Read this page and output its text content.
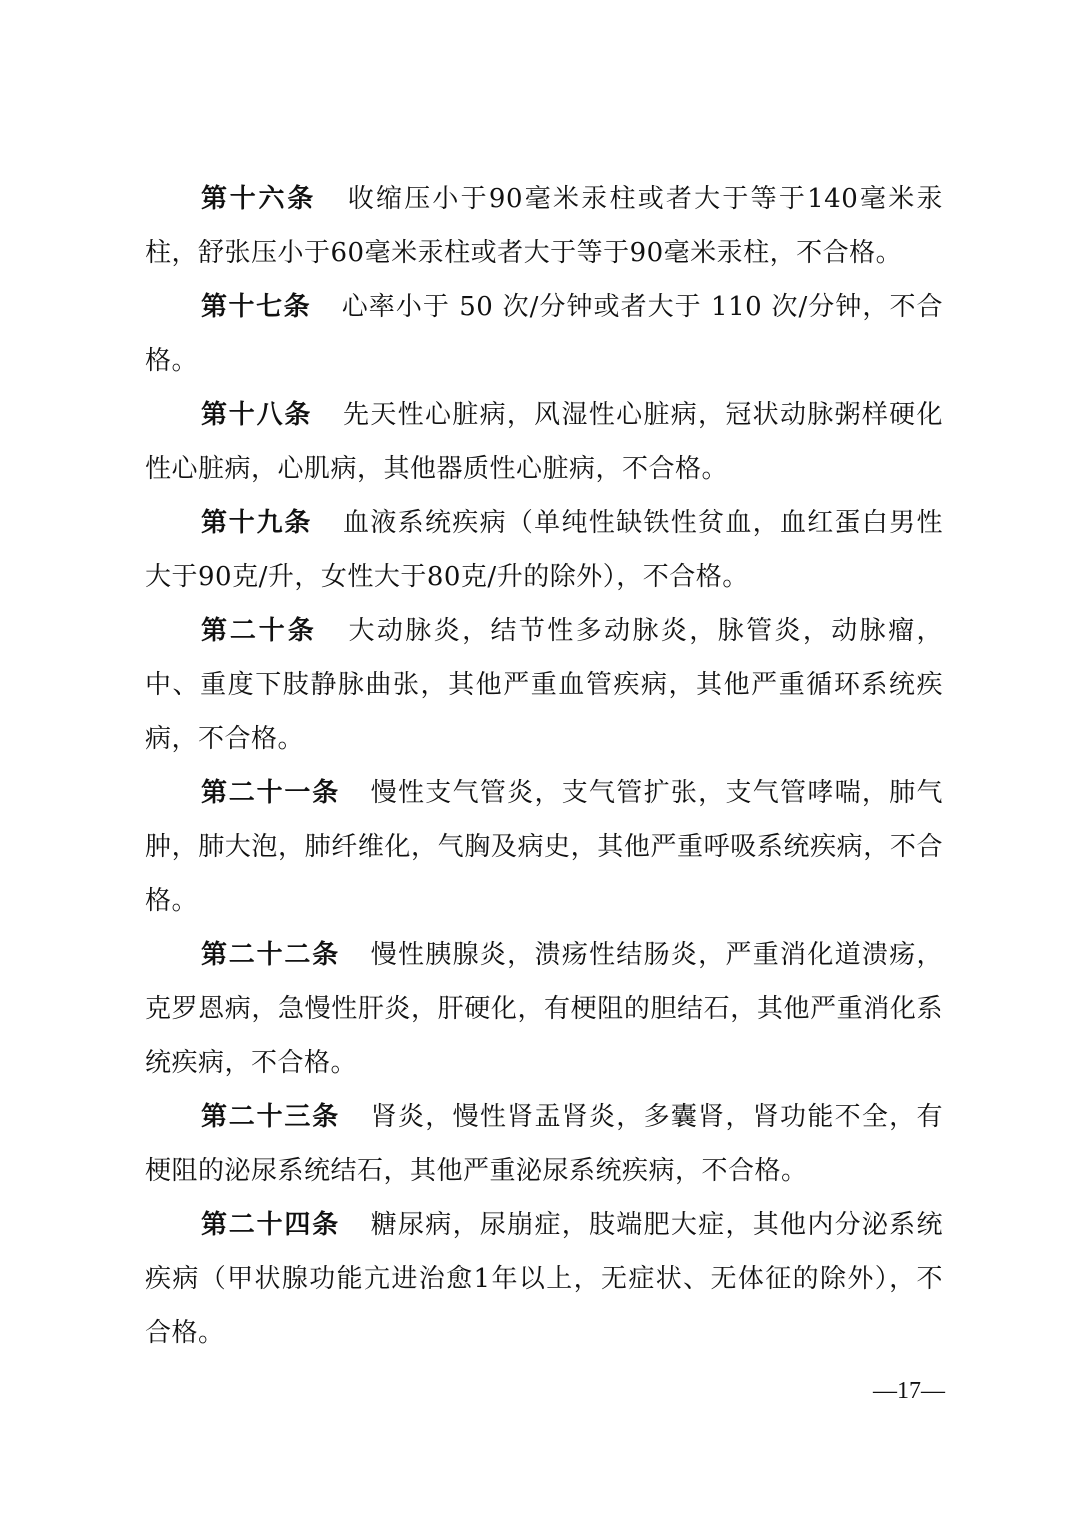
第十六条 收缩压小于90毫米汞柱或者大于等于140毫米汞柱，舒张压小于60毫米汞柱或者大于等于90毫米汞柱，不合格。

第十七条 心率小于 50 次/分钟或者大于 110 次/分钟，不合格。

第十八条 先天性心脏病，风湿性心脏病，冠状动脉粥样硬化性心脏病，心肌病，其他器质性心脏病，不合格。

第十九条 血液系统疾病（单纯性缺铁性贫血，血红蛋白男性大于90克/升，女性大于80克/升的除外），不合格。

第二十条 大动脉炎，结节性多动脉炎，脉管炎，动脉瘤，中、重度下肢静脉曲张，其他严重血管疾病，其他严重循环系统疾病，不合格。

第二十一条 慢性支气管炎，支气管扩张，支气管哮喘，肺气肿，肺大泡，肺纤维化，气胸及病史，其他严重呼吸系统疾病，不合格。

第二十二条 慢性胰腺炎，溃疡性结肠炎，严重消化道溃疡，克罗恩病，急慢性肝炎，肝硬化，有梗阻的胆结石，其他严重消化系统疾病，不合格。

第二十三条 肾炎，慢性肾盂肾炎，多囊肾，肾功能不全，有梗阻的泌尿系统结石，其他严重泌尿系统疾病，不合格。

第二十四条 糖尿病，尿崩症，肢端肥大症，其他内分泌系统疾病（甲状腺功能亢进治愈1年以上，无症状、无体征的除外），不合格。

—17—
